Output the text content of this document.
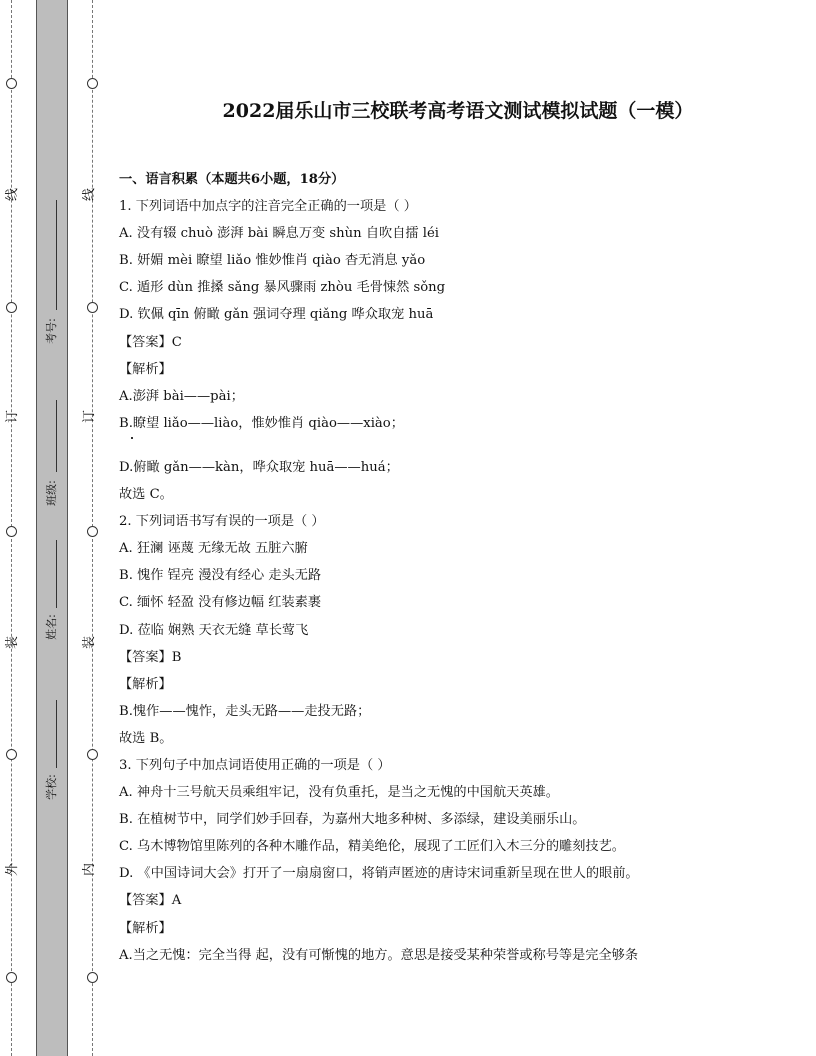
外
装
订
线
内
装
订
线
学校:
姓名:
班级:
考号:
2022届乐山市三校联考高考语文测试模拟试题（一模）
一、语言积累（本题共6小题，18分）
1. 下列词语中加点字的注音完全正确的一项是（ ）
A. 没有辍 chuò 澎湃 bài 瞬息万变 shùn 自吹自擂 léi
B. 妍媚 mèi 瞭望 liǎo 惟妙惟肖 qiào 杳无消息 yǎo
C. 遁形 dùn 推搡 sǎng 暴风骤雨 zhòu 毛骨悚然 sǒng
D. 钦佩 qīn 俯瞰 gǎn 强词夺理 qiǎng 哗众取宠 huā
【答案】C
【解析】
A.澎湃 bài——pài；
B.瞭望 liǎo——liào，惟妙惟肖 qiào——xiào；
D.俯瞰 gǎn——kàn，哗众取宠 huā——huá；
故选 C。
2. 下列词语书写有误的一项是（ ）
A. 狂澜 诬蔑 无缘无故 五脏六腑
B. 愧作 锃亮 漫没有经心 走头无路
C. 缅怀 轻盈 没有修边幅 红装素裹
D. 莅临 娴熟 天衣无缝 草长莺飞
【答案】B
【解析】
B.愧作——愧怍，走头无路——走投无路；
故选 B。
3. 下列句子中加点词语使用正确的一项是（ ）
A. 神舟十三号航天员乘组牢记，没有负重托，是当之无愧的中国航天英雄。
B. 在植树节中，同学们妙手回春，为嘉州大地多种树、多添绿，建设美丽乐山。
C. 乌木博物馆里陈列的各种木雕作品，精美绝伦，展现了工匠们入木三分的雕刻技艺。
D. 《中国诗词大会》打开了一扇扇窗口，将销声匿迹的唐诗宋词重新呈现在世人的眼前。
【答案】A
【解析】
A.当之无愧：完全当得 起，没有可惭愧的地方。意思是接受某种荣誉或称号等是完全够条
